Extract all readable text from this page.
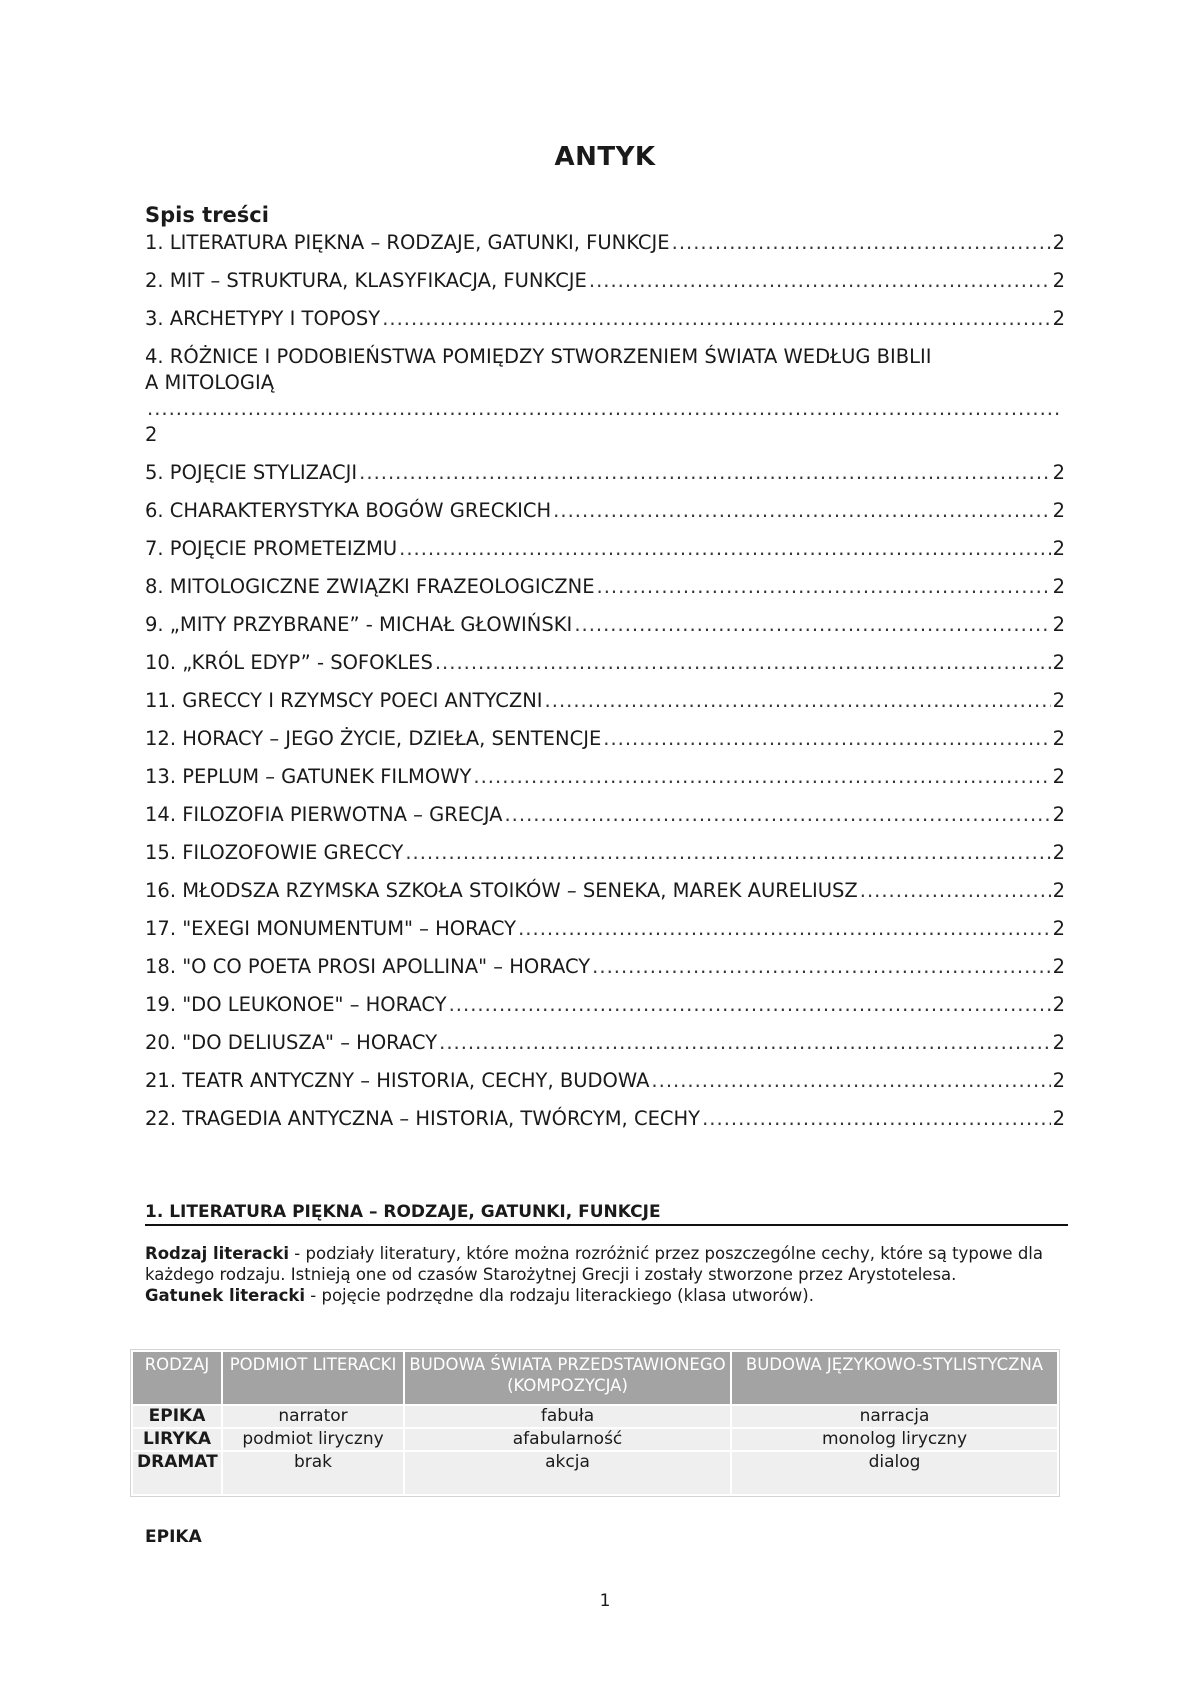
ANTYK
Spis treści
1. LITERATURA PIĘKNA – RODZAJE, GATUNKI, FUNKCJE .....	2
2. MIT – STRUKTURA, KLASYFIKACJA, FUNKCJE .....	2
3. ARCHETYPY I TOPOSY .....	2
4. RÓŻNICE I PODOBIEŃSTWA POMIĘDZY STWORZENIEM ŚWIATA WEDŁUG BIBLII
A MITOLOGIĄ
.....
2
5. POJĘCIE STYLIZACJI .....	2
6. CHARAKTERYSTYKA BOGÓW GRECKICH .....	2
7. POJĘCIE PROMETEIZMU .....	2
8. MITOLOGICZNE ZWIĄZKI FRAZEOLOGICZNE .....	2
9. „MITY PRZYBRANE” - MICHAŁ GŁOWIŃSKI .....	2
10. „KRÓL EDYP” - SOFOKLES .....	2
11. GRECCY I RZYMSCY POECI ANTYCZNI .....	2
12. HORACY – JEGO ŻYCIE, DZIEŁA, SENTENCJE .....	2
13. PEPLUM – GATUNEK FILMOWY .....	2
14. FILOZOFIA PIERWOTNA – GRECJA .....	2
15. FILOZOFOWIE GRECCY .....	2
16. MŁODSZA RZYMSKA SZKOŁA STOIKÓW – SENEKA, MAREK AURELIUSZ .....	2
17. "EXEGI MONUMENTUM" – HORACY .....	2
18. "O CO POETA PROSI APOLLINA" – HORACY .....	2
19. "DO LEUKONOE" – HORACY .....	2
20. "DO DELIUSZA" – HORACY .....	2
21. TEATR ANTYCZNY – HISTORIA, CECHY, BUDOWA .....	2
22. TRAGEDIA ANTYCZNA – HISTORIA, TWÓRCYM, CECHY .....	2
1. LITERATURA PIĘKNA – RODZAJE, GATUNKI, FUNKCJE
Rodzaj literacki - podziały literatury, które można rozróżnić przez poszczególne cechy, które są typowe dla każdego rodzaju. Istnieją one od czasów Starożytnej Grecji i zostały stworzone przez Arystotelesa.
Gatunek literacki - pojęcie podrzędne dla rodzaju literackiego (klasa utworów).
RODZAJ	PODMIOT LITERACKI	BUDOWA ŚWIATA PRZEDSTAWIONEGO (KOMPOZYCJA)	BUDOWA JĘZYKOWO-STYLISTYCZNA
EPIKA	narrator	fabuła	narracja
LIRYKA	podmiot liryczny	afabularność	monolog liryczny
DRAMAT	brak	akcja	dialog
EPIKA
1
